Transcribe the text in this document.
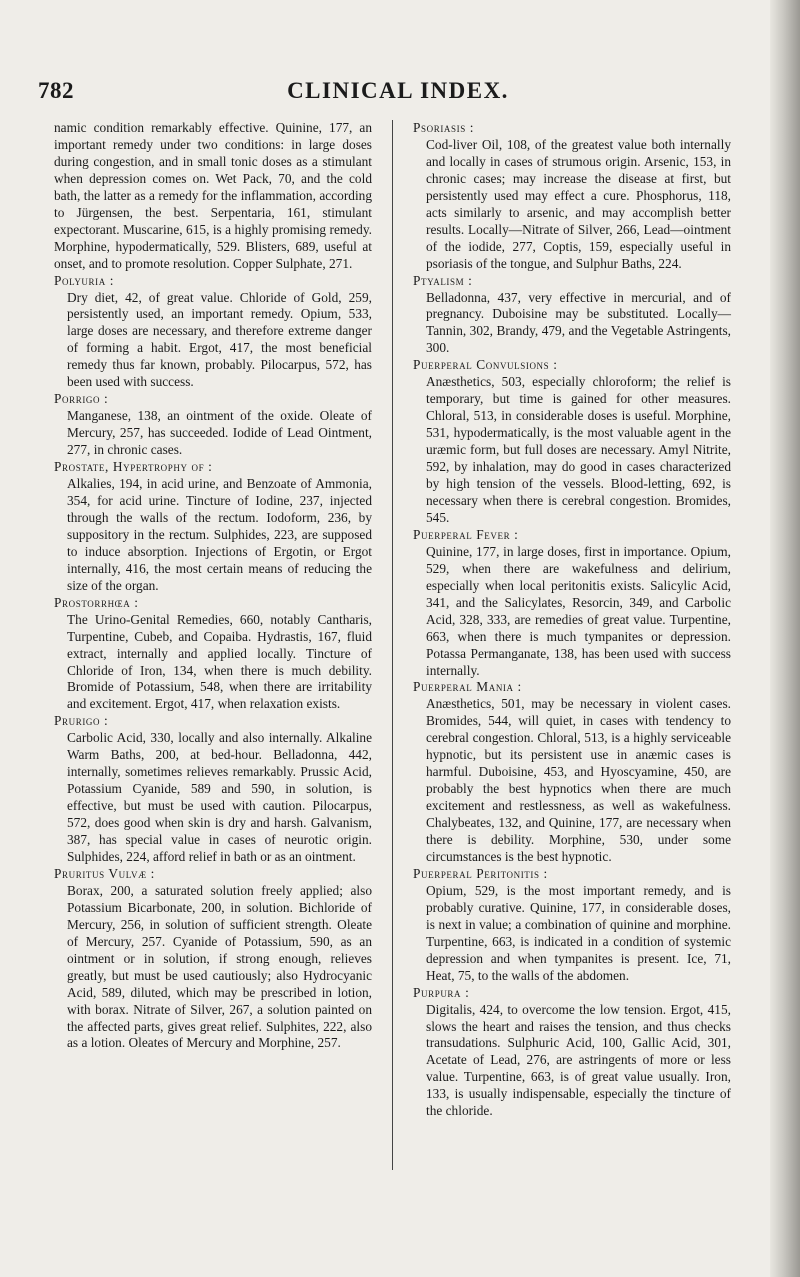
782	CLINICAL INDEX.

namic condition remarkably effective. Quinine, 177, an important remedy under two conditions: in large doses during congestion, and in small tonic doses as a stimulant when depression comes on. Wet Pack, 70, and the cold bath, the latter as a remedy for the inflammation, according to Jürgensen, the best. Serpentaria, 161, stimulant expectorant. Muscarine, 615, is a highly promising remedy. Morphine, hypodermatically, 529. Blisters, 689, useful at onset, and to promote resolution. Copper Sulphate, 271.

Polyuria :

Dry diet, 42, of great value. Chloride of Gold, 259, persistently used, an important remedy. Opium, 533, large doses are necessary, and therefore extreme danger of forming a habit. Ergot, 417, the most beneficial remedy thus far known, probably. Pilocarpus, 572, has been used with success.

Porrigo :

Manganese, 138, an ointment of the oxide. Oleate of Mercury, 257, has succeeded. Iodide of Lead Ointment, 277, in chronic cases.

Prostate, Hypertrophy of :

Alkalies, 194, in acid urine, and Benzoate of Ammonia, 354, for acid urine. Tincture of Iodine, 237, injected through the walls of the rectum. Iodoform, 236, by suppository in the rectum. Sulphides, 223, are supposed to induce absorption. Injections of Ergotin, or Ergot internally, 416, the most certain means of reducing the size of the organ.

Prostorrhœa :

The Urino-Genital Remedies, 660, notably Cantharis, Turpentine, Cubeb, and Copaiba. Hydrastis, 167, fluid extract, internally and applied locally. Tincture of Chloride of Iron, 134, when there is much debility. Bromide of Potassium, 548, when there are irritability and excitement. Ergot, 417, when relaxation exists.

Prurigo :

Carbolic Acid, 330, locally and also internally. Alkaline Warm Baths, 200, at bed-hour. Belladonna, 442, internally, sometimes relieves remarkably. Prussic Acid, Potassium Cyanide, 589 and 590, in solution, is effective, but must be used with caution. Pilocarpus, 572, does good when skin is dry and harsh. Galvanism, 387, has special value in cases of neurotic origin. Sulphides, 224, afford relief in bath or as an ointment.

Pruritus Vulvæ :

Borax, 200, a saturated solution freely applied; also Potassium Bicarbonate, 200, in solution. Bichloride of Mercury, 256, in solution of sufficient strength. Oleate of Mercury, 257. Cyanide of Potassium, 590, as an ointment or in solution, if strong enough, relieves greatly, but must be used cautiously; also Hydrocyanic Acid, 589, diluted, which may be prescribed in lotion, with borax. Nitrate of Silver, 267, a solution painted on the affected parts, gives great relief. Sulphites, 222, also as a lotion. Oleates of Mercury and Morphine, 257.

Psoriasis :

Cod-liver Oil, 108, of the greatest value both internally and locally in cases of strumous origin. Arsenic, 153, in chronic cases; may increase the disease at first, but persistently used may effect a cure. Phosphorus, 118, acts similarly to arsenic, and may accomplish better results. Locally—Nitrate of Silver, 266, Lead—ointment of the iodide, 277, Coptis, 159, especially useful in psoriasis of the tongue, and Sulphur Baths, 224.

Ptyalism :

Belladonna, 437, very effective in mercurial, and of pregnancy. Duboisine may be substituted. Locally—Tannin, 302, Brandy, 479, and the Vegetable Astringents, 300.

Puerperal Convulsions :

Anæsthetics, 503, especially chloroform; the relief is temporary, but time is gained for other measures. Chloral, 513, in considerable doses is useful. Morphine, 531, hypodermatically, is the most valuable agent in the uræmic form, but full doses are necessary. Amyl Nitrite, 592, by inhalation, may do good in cases characterized by high tension of the vessels. Blood-letting, 692, is necessary when there is cerebral congestion. Bromides, 545.

Puerperal Fever :

Quinine, 177, in large doses, first in importance. Opium, 529, when there are wakefulness and delirium, especially when local peritonitis exists. Salicylic Acid, 341, and the Salicylates, Resorcin, 349, and Carbolic Acid, 328, 333, are remedies of great value. Turpentine, 663, when there is much tympanites or depression. Potassa Permanganate, 138, has been used with success internally.

Puerperal Mania :

Anæsthetics, 501, may be necessary in violent cases. Bromides, 544, will quiet, in cases with tendency to cerebral congestion. Chloral, 513, is a highly serviceable hypnotic, but its persistent use in anæmic cases is harmful. Duboisine, 453, and Hyoscyamine, 450, are probably the best hypnotics when there are much excitement and restlessness, as well as wakefulness. Chalybeates, 132, and Quinine, 177, are necessary when there is debility. Morphine, 530, under some circumstances is the best hypnotic.

Puerperal Peritonitis :

Opium, 529, is the most important remedy, and is probably curative. Quinine, 177, in considerable doses, is next in value; a combination of quinine and morphine. Turpentine, 663, is indicated in a condition of systemic depression and when tympanites is present. Ice, 71, Heat, 75, to the walls of the abdomen.

Purpura :

Digitalis, 424, to overcome the low tension. Ergot, 415, slows the heart and raises the tension, and thus checks transudations. Sulphuric Acid, 100, Gallic Acid, 301, Acetate of Lead, 276, are astringents of more or less value. Turpentine, 663, is of great value usually. Iron, 133, is usually indispensable, especially the tincture of the chloride.
